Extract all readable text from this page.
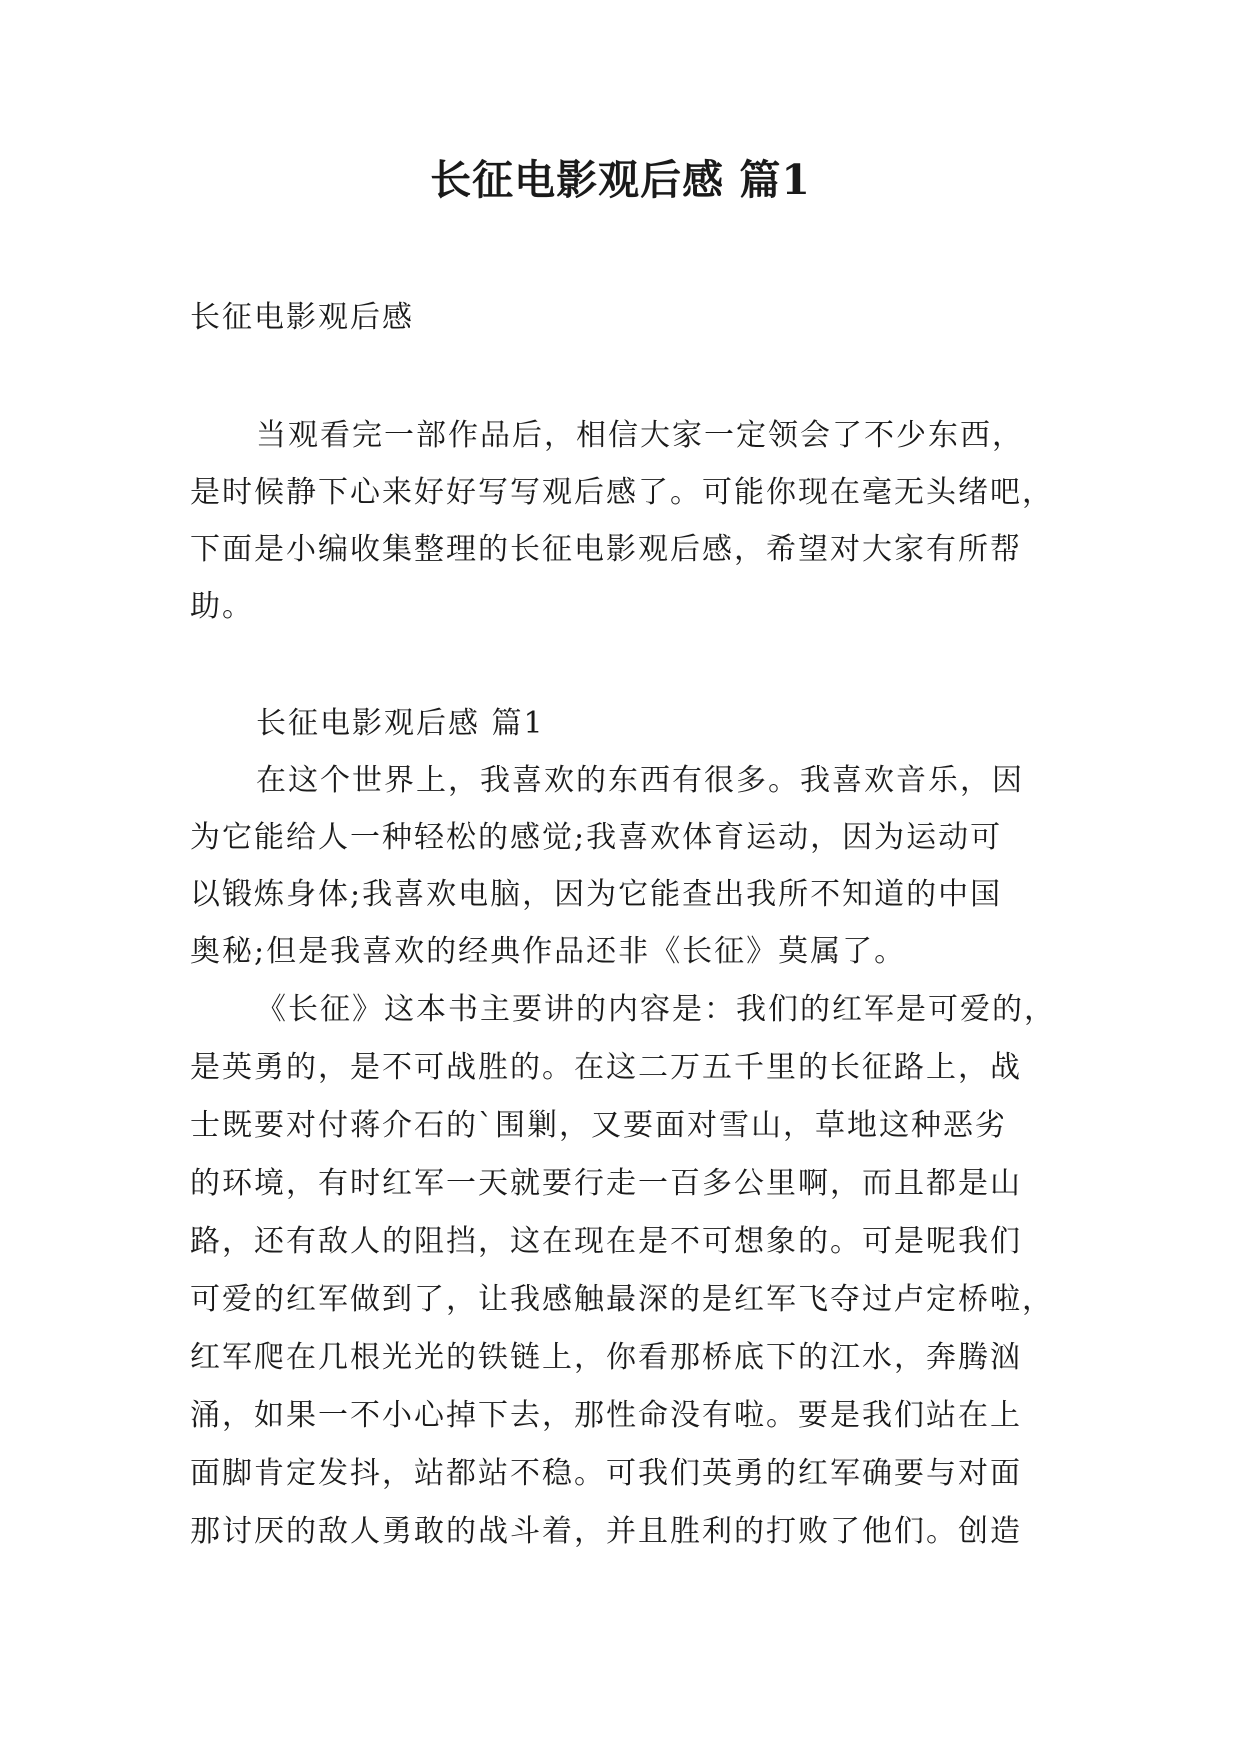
长征电影观后感 篇1
长征电影观后感
当观看完一部作品后，相信大家一定领会了不少东西，
是时候静下心来好好写写观后感了。可能你现在毫无头绪吧，
下面是小编收集整理的长征电影观后感，希望对大家有所帮
助。
长征电影观后感 篇1
在这个世界上，我喜欢的东西有很多。我喜欢音乐，因
为它能给人一种轻松的感觉;我喜欢体育运动，因为运动可
以锻炼身体;我喜欢电脑，因为它能查出我所不知道的中国
奥秘;但是我喜欢的经典作品还非《长征》莫属了。
《长征》这本书主要讲的内容是：我们的红军是可爱的，
是英勇的，是不可战胜的。在这二万五千里的长征路上，战
士既要对付蒋介石的`围剿，又要面对雪山，草地这种恶劣
的环境，有时红军一天就要行走一百多公里啊，而且都是山
路，还有敌人的阻挡，这在现在是不可想象的。可是呢我们
可爱的红军做到了，让我感触最深的是红军飞夺过卢定桥啦，
红军爬在几根光光的铁链上，你看那桥底下的江水，奔腾汹
涌，如果一不小心掉下去，那性命没有啦。要是我们站在上
面脚肯定发抖，站都站不稳。可我们英勇的红军确要与对面
那讨厌的敌人勇敢的战斗着，并且胜利的打败了他们。创造
